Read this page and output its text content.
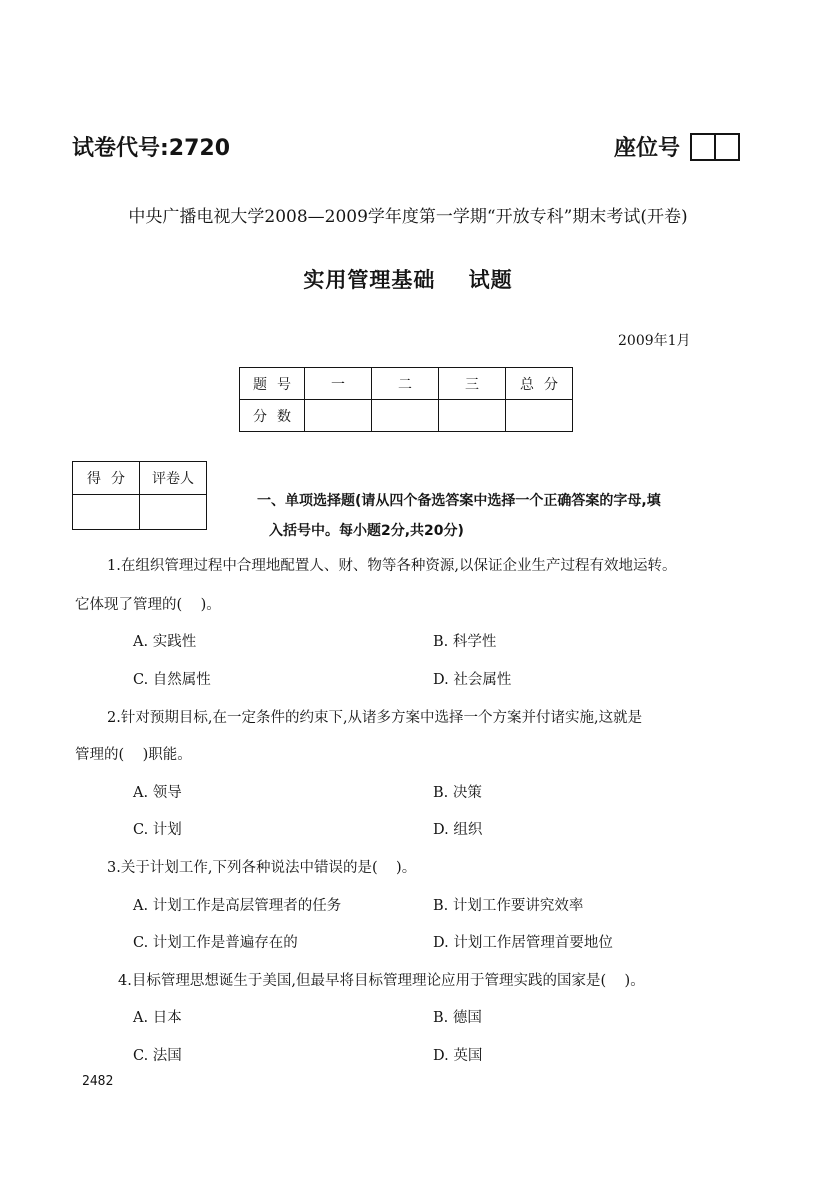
试卷代号:2720	座位号
中央广播电视大学2008—2009学年度第一学期“开放专科”期末考试(开卷)
实用管理基础    试题
2009年1月
题号	一	二	三	总分
分数				
得分	评卷人

一、单项选择题(请从四个备选答案中选择一个正确答案的字母,填
入括号中。每小题2分,共20分)
1.在组织管理过程中合理地配置人、财、物等各种资源,以保证企业生产过程有效地运转。
它体现了管理的(    )。
A. 实践性	B. 科学性
C. 自然属性	D. 社会属性
2.针对预期目标,在一定条件的约束下,从诸多方案中选择一个方案并付诸实施,这就是
管理的(    )职能。
A. 领导	B. 决策
C. 计划	D. 组织
3.关于计划工作,下列各种说法中错误的是(    )。
A. 计划工作是高层管理者的任务	B. 计划工作要讲究效率
C. 计划工作是普遍存在的	D. 计划工作居管理首要地位
4.目标管理思想诞生于美国,但最早将目标管理理论应用于管理实践的国家是(    )。
A. 日本	B. 德国
C. 法国	D. 英国
2482
